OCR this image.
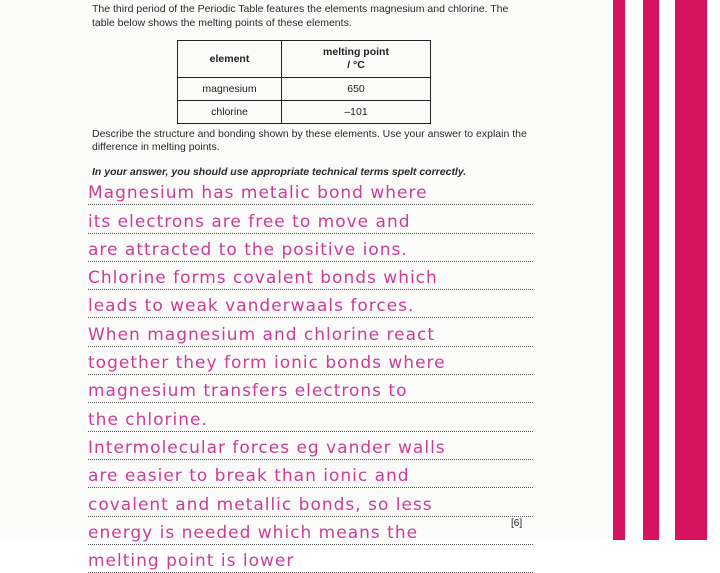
The third period of the Periodic Table features the elements magnesium and chlorine. The

table below shows the melting points of these elements.

element	melting point
/ °C

magnesium	650
chlorine	–101

Describe the structure and bonding shown by these elements. Use your answer to explain the

difference in melting points.

In your answer, you should use appropriate technical terms spelt correctly.
Magnesium has metalic bond where
its electrons are free to move and
are attracted to the positive ions.
Chlorine forms covalent bonds which
leads to weak vanderwaals forces.
When magnesium and chlorine react
together they form ionic bonds where
magnesium transfers electrons to
the chlorine.
Intermolecular forces eg vander walls
are easier to break than ionic and
covalent and metallic bonds, so less
energy is needed which means the
melting point is lower
[6]
